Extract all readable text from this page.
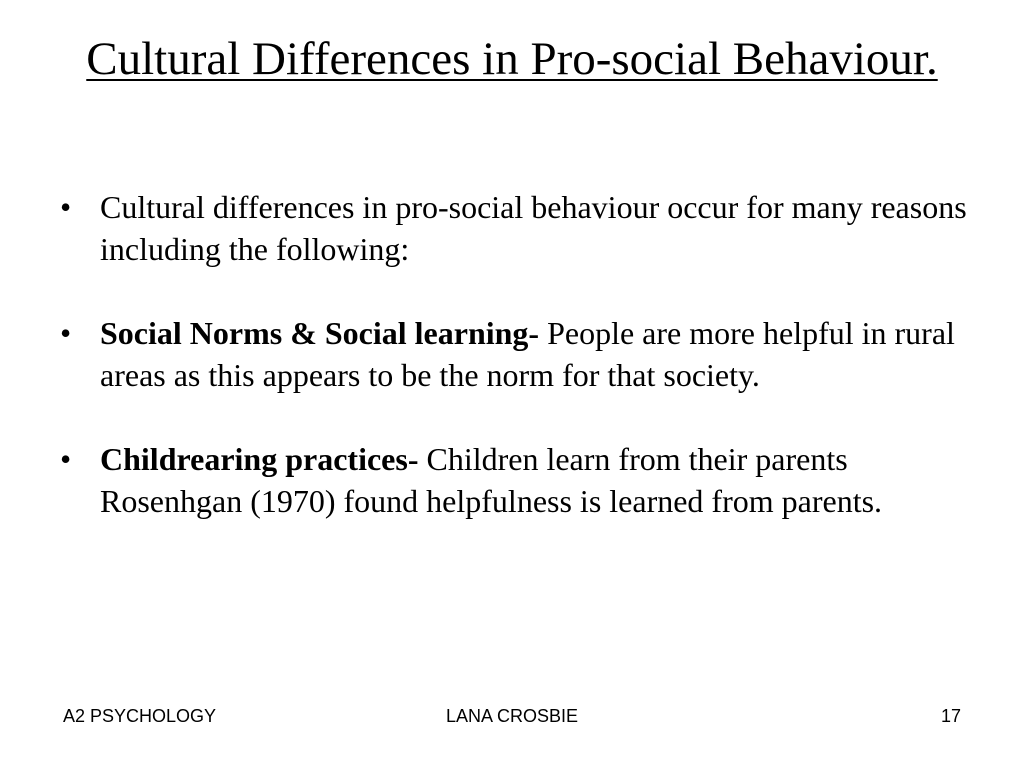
Cultural Differences in Pro-social Behaviour.
• Cultural differences in pro-social behaviour occur for many reasons including the following:
• Social Norms & Social learning- People are more helpful in rural areas as this appears to be the norm for that society.
• Childrearing practices- Children learn from their parents Rosenhgan (1970) found helpfulness is learned from parents.
A2 PSYCHOLOGY	LANA CROSBIE	17
